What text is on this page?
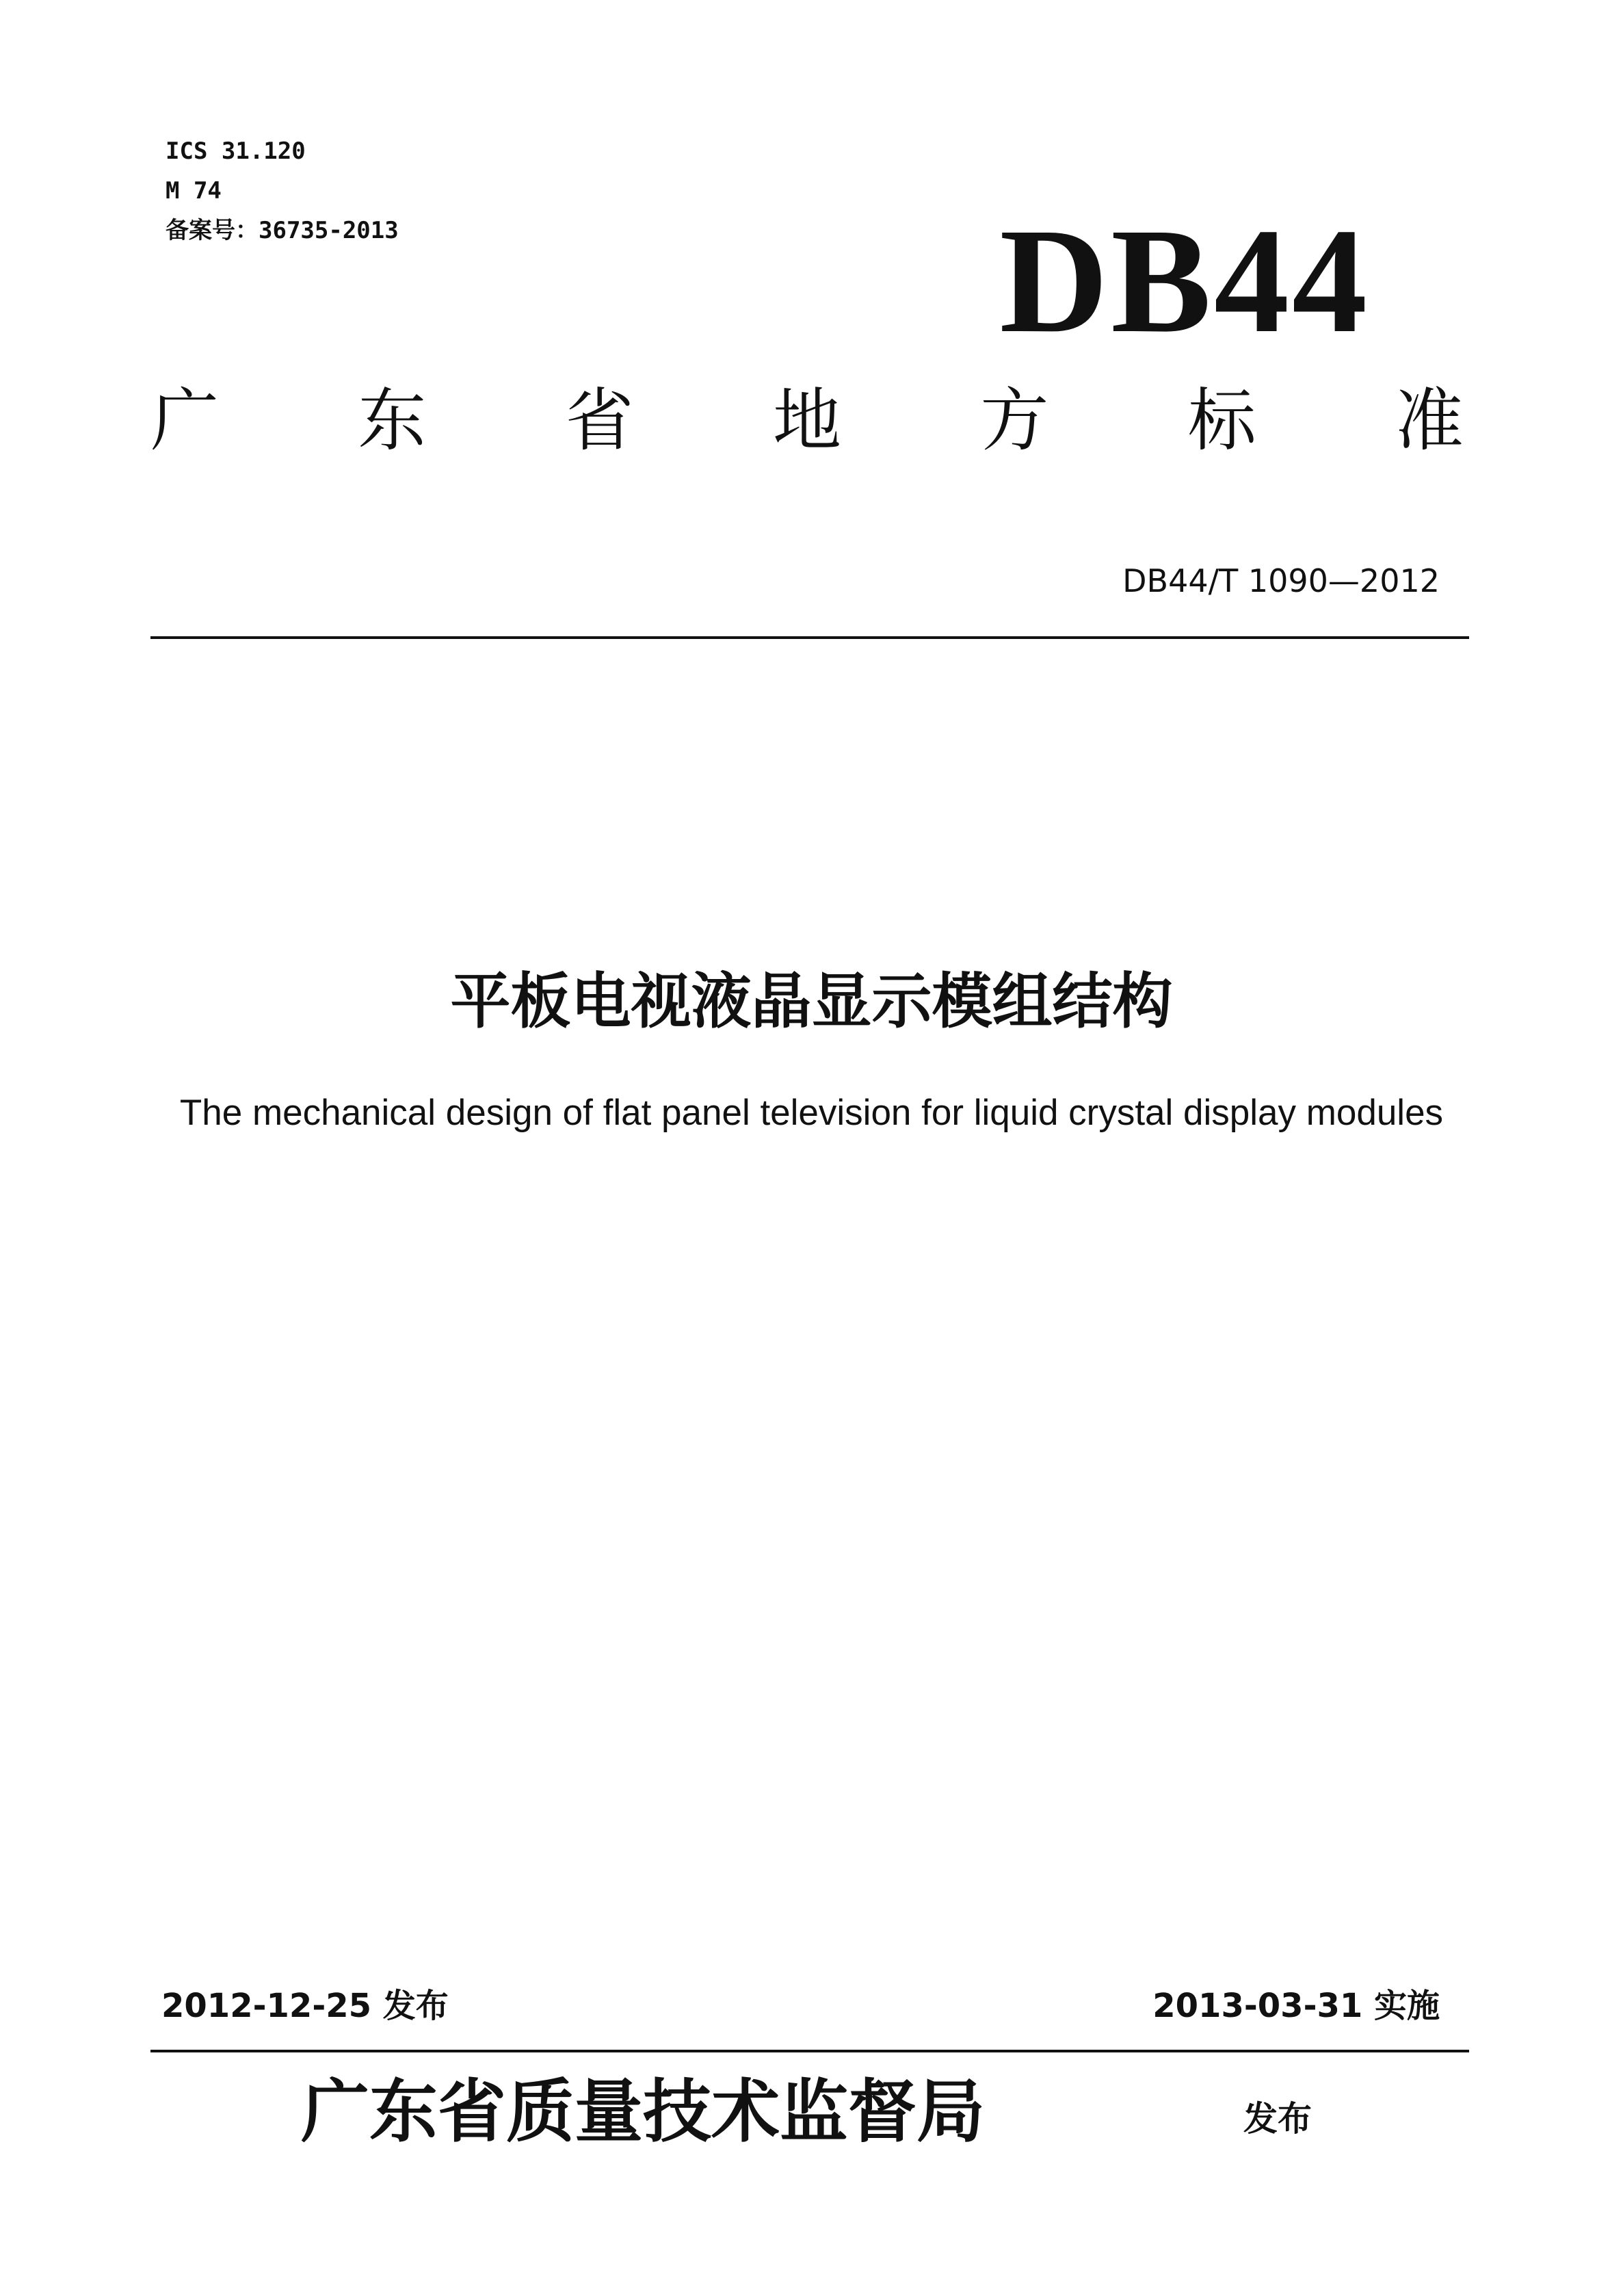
ICS 31.120
M 74
备案号：36735-2013	DB44
广 东 省 地 方 标 准
DB44/T 1090—2012
平板电视液晶显示模组结构
The mechanical design of flat panel television for liquid crystal display modules
2012-12-25 发布	2013-03-31 实施
广东省质量技术监督局	发布
